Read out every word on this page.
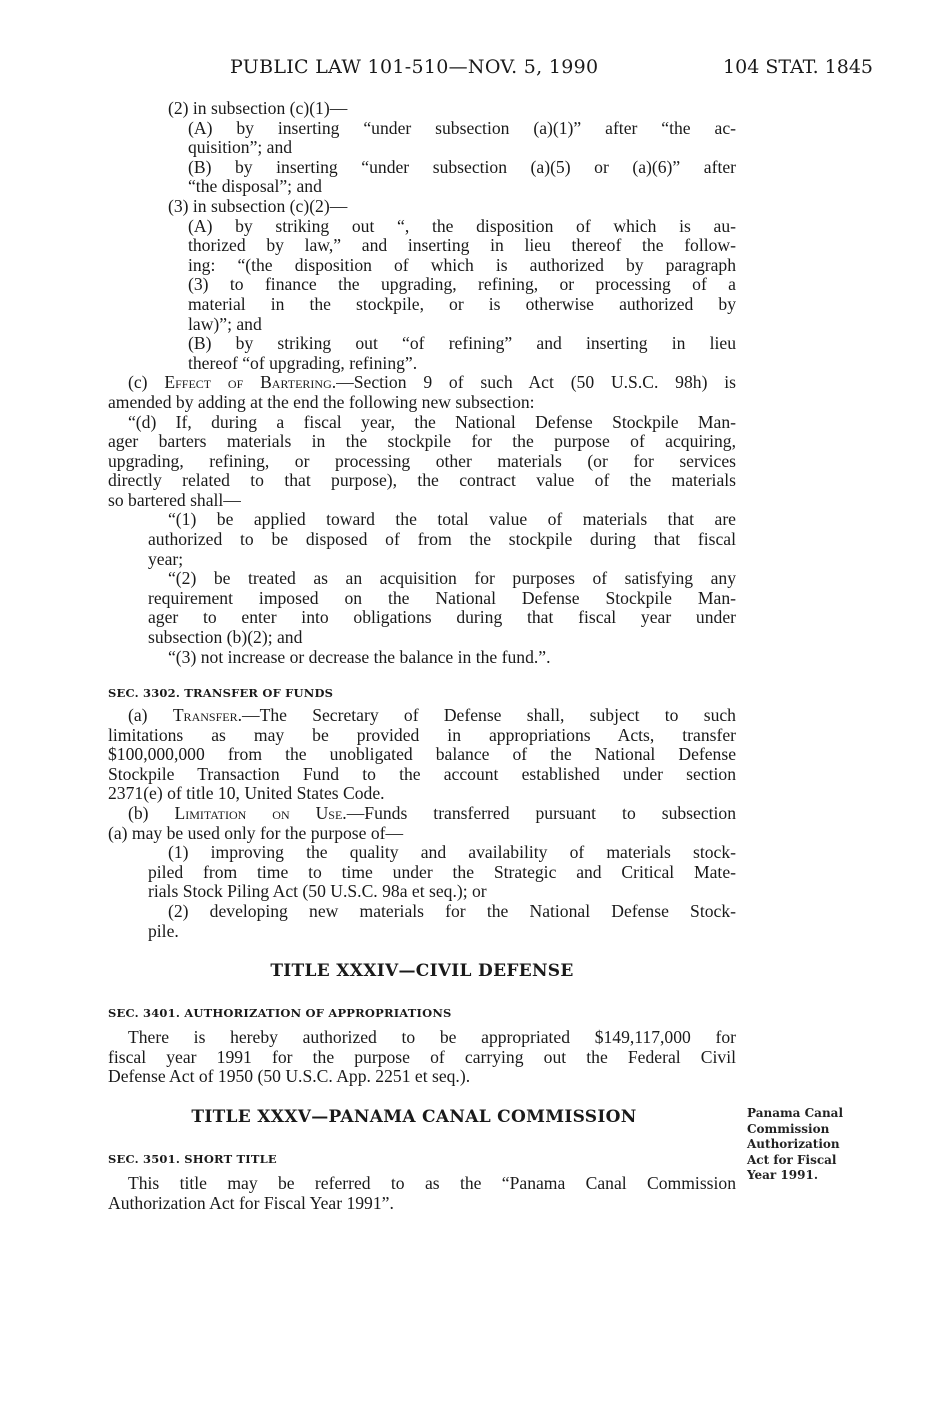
PUBLIC LAW 101-510—NOV. 5, 1990	104 STAT. 1845
(2) in subsection (c)(1)—
(A) by inserting “under subsection (a)(1)” after “the ac-
quisition”; and
(B) by inserting “under subsection (a)(5) or (a)(6)” after
“the disposal”; and
(3) in subsection (c)(2)—
(A) by striking out “, the disposition of which is au-
thorized by law,” and inserting in lieu thereof the follow-
ing: “(the disposition of which is authorized by paragraph
(3) to finance the upgrading, refining, or processing of a
material in the stockpile, or is otherwise authorized by
law)”; and
(B) by striking out “of refining” and inserting in lieu
thereof “of upgrading, refining”.
(c) Effect of Bartering.—Section 9 of such Act (50 U.S.C. 98h) is
amended by adding at the end the following new subsection:
“(d) If, during a fiscal year, the National Defense Stockpile Man-
ager barters materials in the stockpile for the purpose of acquiring,
upgrading, refining, or processing other materials (or for services
directly related to that purpose), the contract value of the materials
so bartered shall—
“(1) be applied toward the total value of materials that are
authorized to be disposed of from the stockpile during that fiscal
year;
“(2) be treated as an acquisition for purposes of satisfying any
requirement imposed on the National Defense Stockpile Man-
ager to enter into obligations during that fiscal year under
subsection (b)(2); and
“(3) not increase or decrease the balance in the fund.”.
SEC. 3302. TRANSFER OF FUNDS
(a) Transfer.—The Secretary of Defense shall, subject to such
limitations as may be provided in appropriations Acts, transfer
$100,000,000 from the unobligated balance of the National Defense
Stockpile Transaction Fund to the account established under section
2371(e) of title 10, United States Code.
(b) Limitation on Use.—Funds transferred pursuant to subsection
(a) may be used only for the purpose of—
(1) improving the quality and availability of materials stock-
piled from time to time under the Strategic and Critical Mate-
rials Stock Piling Act (50 U.S.C. 98a et seq.); or
(2) developing new materials for the National Defense Stock-
pile.
TITLE XXXIV—CIVIL DEFENSE
SEC. 3401. AUTHORIZATION OF APPROPRIATIONS
There is hereby authorized to be appropriated $149,117,000 for
fiscal year 1991 for the purpose of carrying out the Federal Civil
Defense Act of 1950 (50 U.S.C. App. 2251 et seq.).
TITLE XXXV—PANAMA CANAL COMMISSION
SEC. 3501. SHORT TITLE
This title may be referred to as the “Panama Canal Commission
Authorization Act for Fiscal Year 1991”.
Panama Canal
Commission
Authorization
Act for Fiscal
Year 1991.
